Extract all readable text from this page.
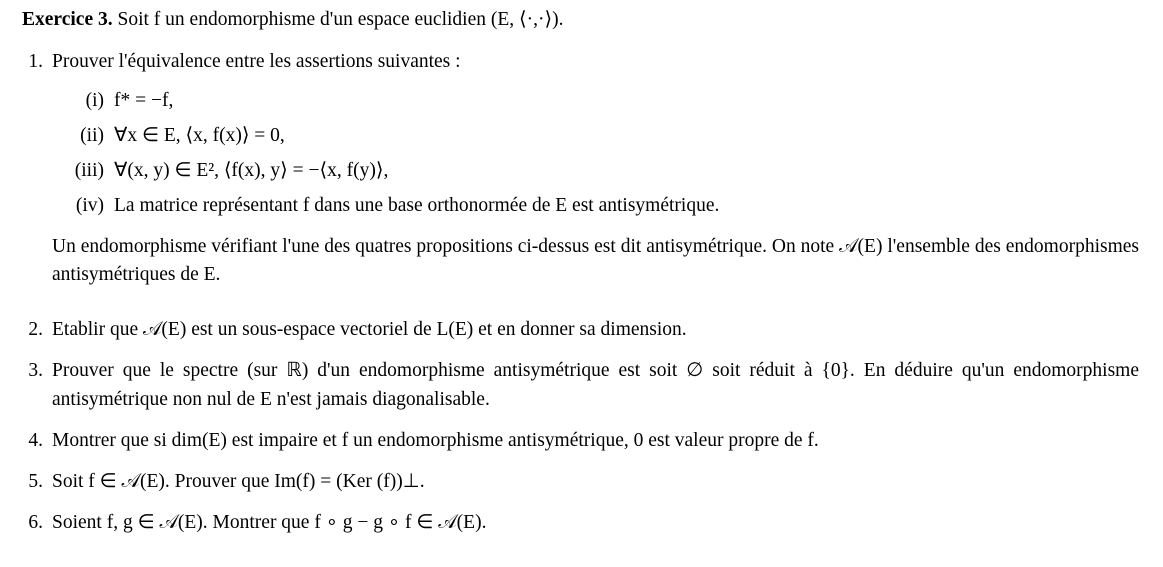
Exercice 3. Soit f un endomorphisme d'un espace euclidien (E, ⟨·,·⟩).
1. Prouver l'équivalence entre les assertions suivantes :
(i) f* = −f,
(ii) ∀x ∈ E, ⟨x, f(x)⟩ = 0,
(iii) ∀(x, y) ∈ E², ⟨f(x), y⟩ = −⟨x, f(y)⟩,
(iv) La matrice représentant f dans une base orthonormée de E est antisymétrique.
Un endomorphisme vérifiant l'une des quatres propositions ci-dessus est dit antisymétrique. On note 𝒜(E) l'ensemble des endomorphismes antisymétriques de E.
2. Etablir que 𝒜(E) est un sous-espace vectoriel de L(E) et en donner sa dimension.
3. Prouver que le spectre (sur ℝ) d'un endomorphisme antisymétrique est soit ∅ soit réduit à {0}. En déduire qu'un endomorphisme antisymétrique non nul de E n'est jamais diagonalisable.
4. Montrer que si dim(E) est impaire et f un endomorphisme antisymétrique, 0 est valeur propre de f.
5. Soit f ∈ 𝒜(E). Prouver que Im(f) = (Ker (f))⊥.
6. Soient f, g ∈ 𝒜(E). Montrer que f ∘ g − g ∘ f ∈ 𝒜(E).
